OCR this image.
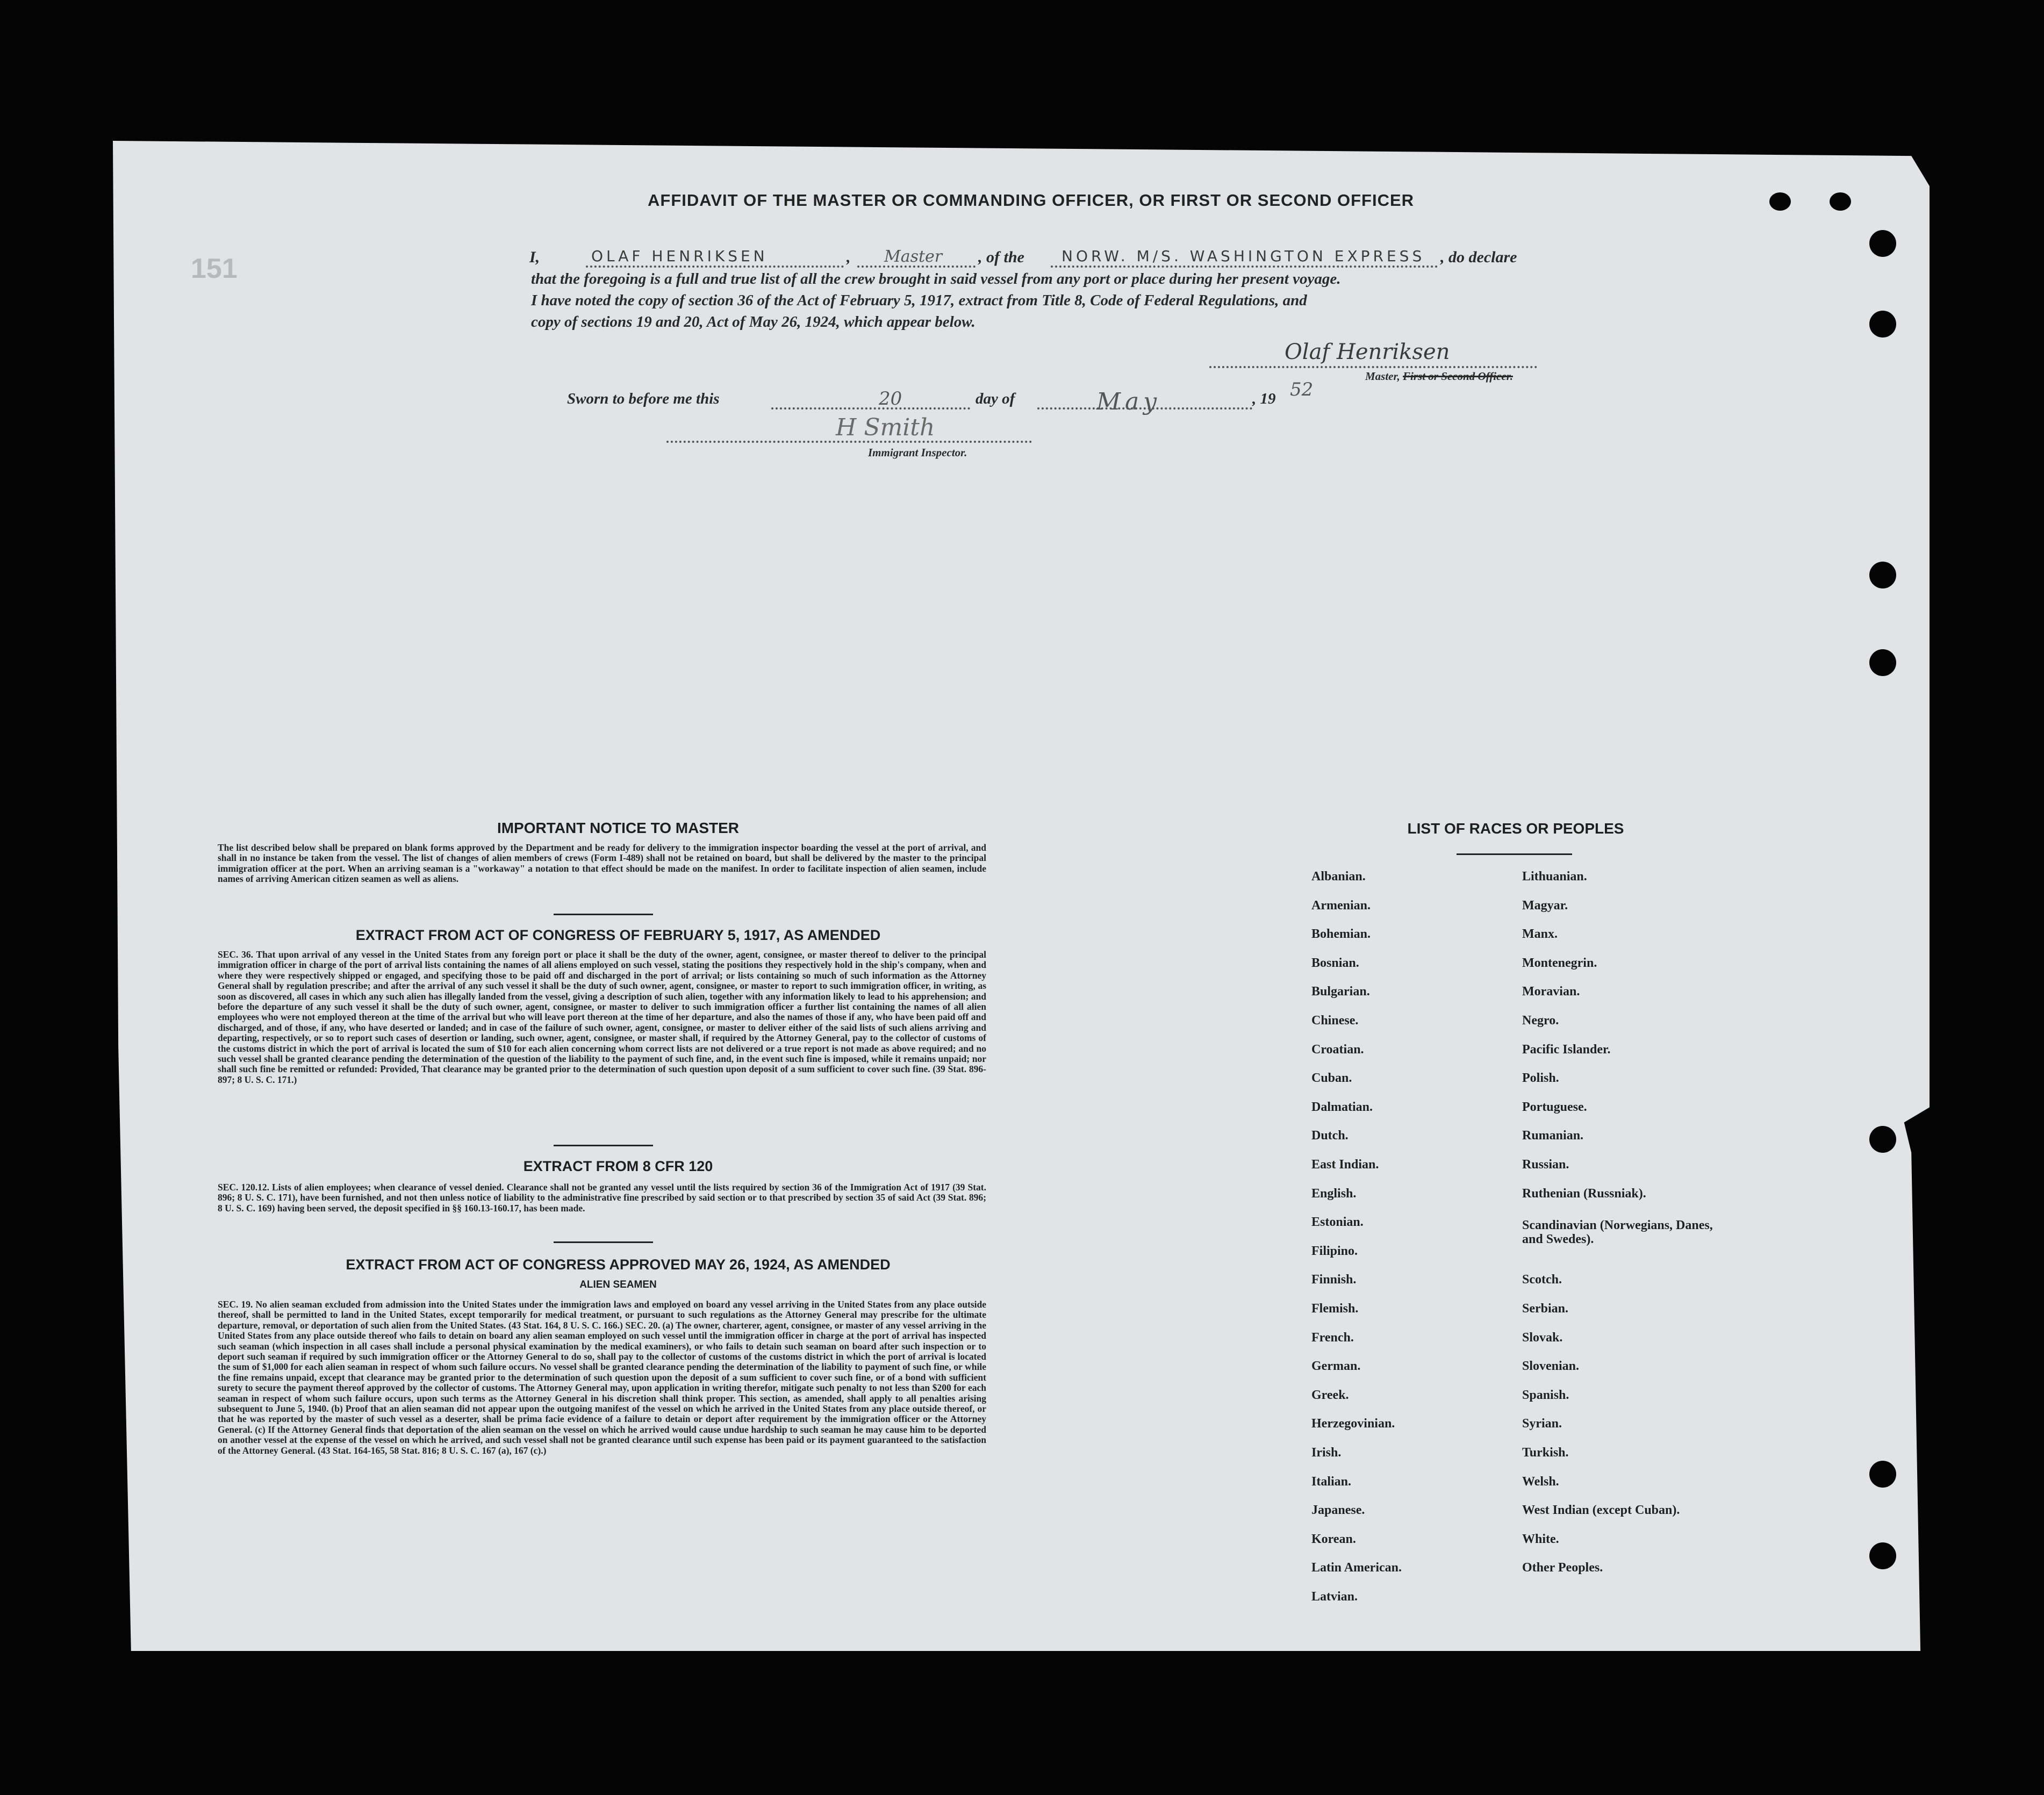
151
AFFIDAVIT OF THE MASTER OR COMMANDING OFFICER, OR FIRST OR SECOND OFFICER
I,	OLAF HENRIKSEN	,	Master	, of the	NORW. M/S. WASHINGTON EXPRESS , do declare
that the foregoing is a full and true list of all the crew brought in said vessel from any port or place during her present voyage.
I have noted the copy of section 36 of the Act of February 5, 1917, extract from Title 8, Code of Federal Regulations, and
copy of sections 19 and 20, Act of May 26, 1924, which appear below.
Olaf Henriksen
Master, First or Second Officer.
Sworn to before me this	20	day of	May	, 19 52
H Smith
Immigrant Inspector.
IMPORTANT NOTICE TO MASTER
The list described below shall be prepared on blank forms approved by the Department and be ready for delivery to the immigration inspector boarding the vessel at the port of arrival, and shall in no instance be taken from the vessel. The list of changes of alien members of crews (Form I-489) shall not be retained on board, but shall be delivered by the master to the principal immigration officer at the port. When an arriving seaman is a "workaway" a notation to that effect should be made on the manifest. In order to facilitate inspection of alien seamen, include names of arriving American citizen seamen as well as aliens.
EXTRACT FROM ACT OF CONGRESS OF FEBRUARY 5, 1917, AS AMENDED
SEC. 36. That upon arrival of any vessel in the United States from any foreign port or place it shall be the duty of the owner, agent, consignee, or master thereof to deliver to the principal immigration officer in charge of the port of arrival lists containing the names of all aliens employed on such vessel, stating the positions they respectively hold in the ship's company, when and where they were respectively shipped or engaged, and specifying those to be paid off and discharged in the port of arrival; or lists containing so much of such information as the Attorney General shall by regulation prescribe; and after the arrival of any such vessel it shall be the duty of such owner, agent, consignee, or master to report to such immigration officer, in writing, as soon as discovered, all cases in which any such alien has illegally landed from the vessel, giving a description of such alien, together with any information likely to lead to his apprehension; and before the departure of any such vessel it shall be the duty of such owner, agent, consignee, or master to deliver to such immigration officer a further list containing the names of all alien employees who were not employed thereon at the time of the arrival but who will leave port thereon at the time of her departure, and also the names of those if any, who have been paid off and discharged, and of those, if any, who have deserted or landed; and in case of the failure of such owner, agent, consignee, or master to deliver either of the said lists of such aliens arriving and departing, respectively, or so to report such cases of desertion or landing, such owner, agent, consignee, or master shall, if required by the Attorney General, pay to the collector of customs of the customs district in which the port of arrival is located the sum of $10 for each alien concerning whom correct lists are not delivered or a true report is not made as above required; and no such vessel shall be granted clearance pending the determination of the question of the liability to the payment of such fine, and, in the event such fine is imposed, while it remains unpaid; nor shall such fine be remitted or refunded: Provided, That clearance may be granted prior to the determination of such question upon deposit of a sum sufficient to cover such fine. (39 Stat. 896-897; 8 U. S. C. 171.)
EXTRACT FROM 8 CFR 120
SEC. 120.12. Lists of alien employees; when clearance of vessel denied. Clearance shall not be granted any vessel until the lists required by section 36 of the Immigration Act of 1917 (39 Stat. 896; 8 U. S. C. 171), have been furnished, and not then unless notice of liability to the administrative fine prescribed by said section or to that prescribed by section 35 of said Act (39 Stat. 896; 8 U. S. C. 169) having been served, the deposit specified in §§ 160.13-160.17, has been made.
EXTRACT FROM ACT OF CONGRESS APPROVED MAY 26, 1924, AS AMENDED
ALIEN SEAMEN
SEC. 19. No alien seaman excluded from admission into the United States under the immigration laws and employed on board any vessel arriving in the United States from any place outside thereof, shall be permitted to land in the United States, except temporarily for medical treatment, or pursuant to such regulations as the Attorney General may prescribe for the ultimate departure, removal, or deportation of such alien from the United States. (43 Stat. 164, 8 U. S. C. 166.) SEC. 20. (a) The owner, charterer, agent, consignee, or master of any vessel arriving in the United States from any place outside thereof who fails to detain on board any alien seaman employed on such vessel until the immigration officer in charge at the port of arrival has inspected such seaman (which inspection in all cases shall include a personal physical examination by the medical examiners), or who fails to detain such seaman on board after such inspection or to deport such seaman if required by such immigration officer or the Attorney General to do so, shall pay to the collector of customs of the customs district in which the port of arrival is located the sum of $1,000 for each alien seaman in respect of whom such failure occurs. No vessel shall be granted clearance pending the determination of the liability to payment of such fine, or while the fine remains unpaid, except that clearance may be granted prior to the determination of such question upon the deposit of a sum sufficient to cover such fine, or of a bond with sufficient surety to secure the payment thereof approved by the collector of customs. The Attorney General may, upon application in writing therefor, mitigate such penalty to not less than $200 for each seaman in respect of whom such failure occurs, upon such terms as the Attorney General in his discretion shall think proper. This section, as amended, shall apply to all penalties arising subsequent to June 5, 1940. (b) Proof that an alien seaman did not appear upon the outgoing manifest of the vessel on which he arrived in the United States from any place outside thereof, or that he was reported by the master of such vessel as a deserter, shall be prima facie evidence of a failure to detain or deport after requirement by the immigration officer or the Attorney General. (c) If the Attorney General finds that deportation of the alien seaman on the vessel on which he arrived would cause undue hardship to such seaman he may cause him to be deported on another vessel at the expense of the vessel on which he arrived, and such vessel shall not be granted clearance until such expense has been paid or its payment guaranteed to the satisfaction of the Attorney General. (43 Stat. 164-165, 58 Stat. 816; 8 U. S. C. 167 (a), 167 (c).)
LIST OF RACES OR PEOPLES
Albanian.
Armenian.
Bohemian.
Bosnian.
Bulgarian.
Chinese.
Croatian.
Cuban.
Dalmatian.
Dutch.
East Indian.
English.
Estonian.
Filipino.
Finnish.
Flemish.
French.
German.
Greek.
Herzegovinian.
Irish.
Italian.
Japanese.
Korean.
Latin American.
Latvian.
Lithuanian.
Magyar.
Manx.
Montenegrin.
Moravian.
Negro.
Pacific Islander.
Polish.
Portuguese.
Rumanian.
Russian.
Ruthenian (Russniak).
Scandinavian (Norwegians, Danes, and Swedes).
Scotch.
Serbian.
Slovak.
Slovenian.
Spanish.
Syrian.
Turkish.
Welsh.
West Indian (except Cuban).
White.
Other Peoples.
